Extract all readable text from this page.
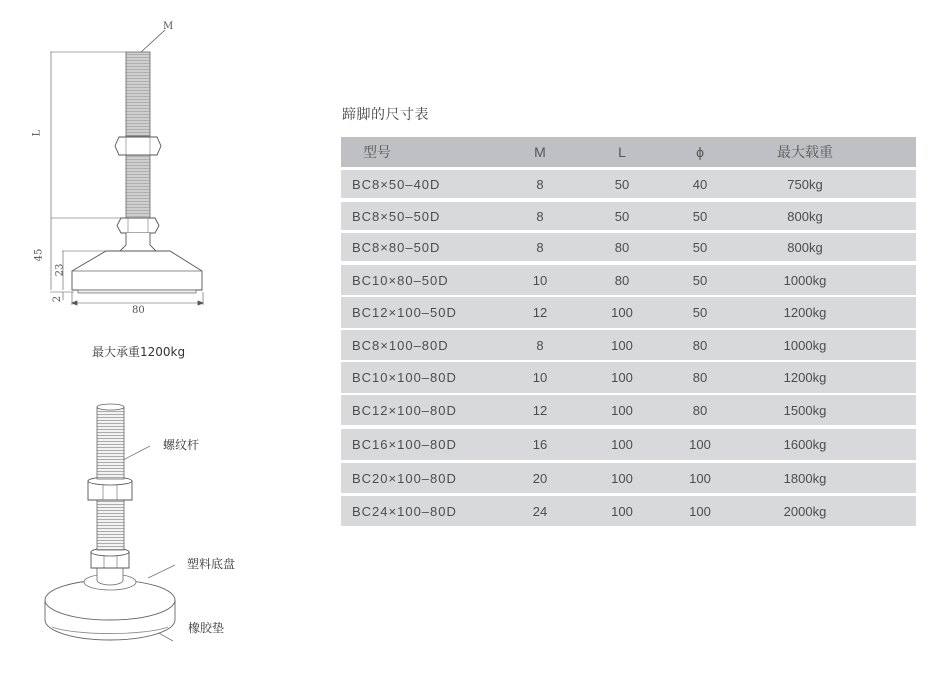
M
L
45
23
2
80
最大承重1200kg
螺纹杆
塑料底盘
橡胶垫
蹄脚的尺寸表
型号	M	L	ϕ	最大载重
BC8×50–40D	8	50	40	750kg
BC8×50–50D	8	50	50	800kg
BC8×80–50D	8	80	50	800kg
BC10×80–50D	10	80	50	1000kg
BC12×100–50D	12	100	50	1200kg
BC8×100–80D	8	100	80	1000kg
BC10×100–80D	10	100	80	1200kg
BC12×100–80D	12	100	80	1500kg
BC16×100–80D	16	100	100	1600kg
BC20×100–80D	20	100	100	1800kg
BC24×100–80D	24	100	100	2000kg
